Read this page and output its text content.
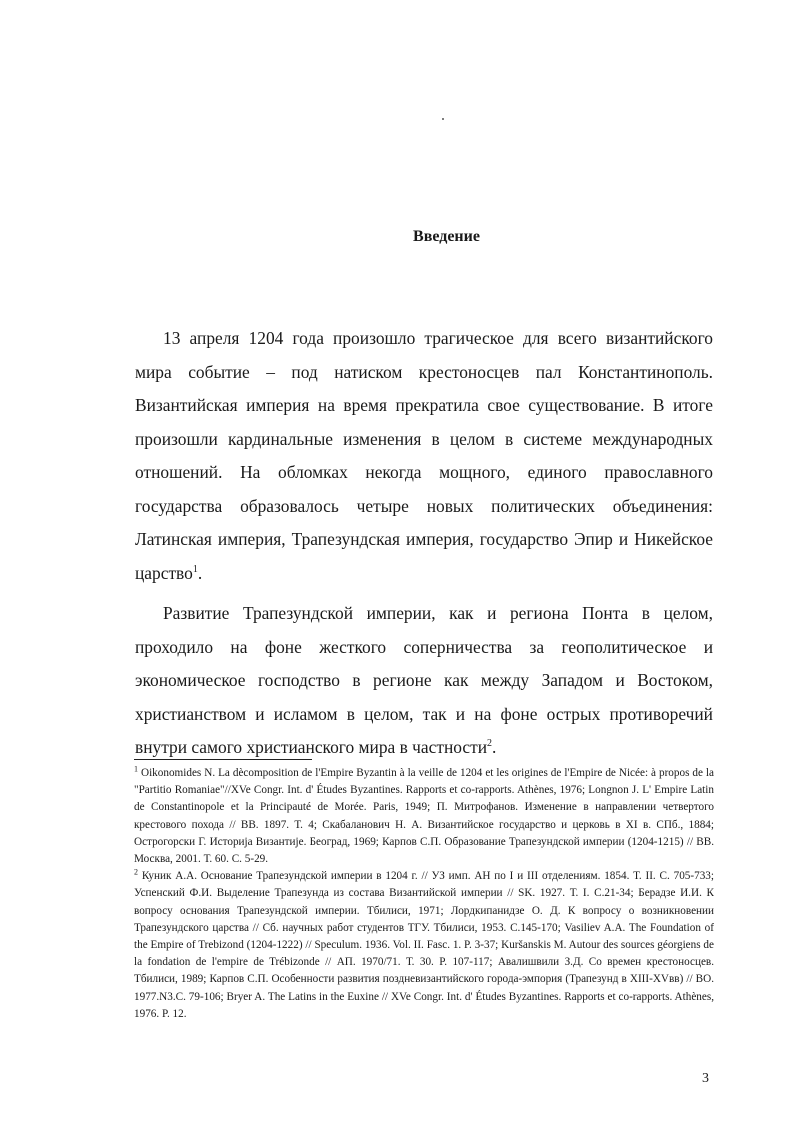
Введение

13 апреля 1204 года произошло трагическое для всего византийского мира событие – под натиском крестоносцев пал Константинополь. Византийская империя на время прекратила свое существование. В итоге произошли кардинальные изменения в целом в системе международных отношений. На обломках некогда мощного, единого православного государства образовалось четыре новых политических объединения: Латинская империя, Трапезундская империя, государство Эпир и Никейское царство$^1$.

Развитие Трапезундской империи, как и региона Понта в целом, проходило на фоне жесткого соперничества за геополитическое и экономическое господство в регионе как между Западом и Востоком, христианством и исламом в целом, так и на фоне острых противоречий внутри самого христианского мира в частности$^2$.

$^1$ Oikonomides N. La dècomposition de l'Empire Byzantin à la veille de 1204 et les origines de l'Empire de Nicée: à propos de la "Partitio Romaniae"//XVe Congr. Int. d' Études Byzantines. Rapports et co-rapports. Athènes, 1976; Longnon J. L' Empire Latin de Constantinopole et la Principauté de Morée. Paris, 1949; П. Митрофанов. Изменение в направлении четвертого крестового похода // ВВ. 1897. Т. 4; Скабаланович Н. А. Византийское государство и церковь в XI в. СПб., 1884; Острогорски Г. Историја Византије. Београд, 1969; Карпов С.П. Образование Трапезундской империи (1204-1215) // ВВ. Москва, 2001. Т. 60. С. 5-29.

$^2$ Куник А.А. Основание Трапезундской империи в 1204 г. // УЗ имп. АН по I и III отделениям. 1854. Т. II. С. 705-733; Успенский Ф.И. Выделение Трапезунда из состава Византийской империи // SK. 1927. Т. I. С.21-34; Берадзе И.И. К вопросу основания Трапезундской империи. Тбилиси, 1971; Лордкипанидзе О. Д. К вопросу о возникновении Трапезундского царства // Сб. научных работ студентов ТГУ. Тбилиси, 1953. С.145-170; Vasiliev A.A. The Foundation of the Empire of Trebizond (1204-1222) // Speculum. 1936. Vol. II. Fasc. 1. P. 3-37; Kuršanskis M. Autour des sources géorgiens de la fondation de l'empire de Trébizonde // АП. 1970/71. Т. 30. P. 107-117; Авалишвили З.Д. Со времен крестоносцев. Тбилиси, 1989; Карпов С.П. Особенности развития поздневизантийского города-эмпория (Трапезунд в XIII-XVвв) // ВО. 1977.N3.С. 79-106; Bryer A. The Latins in the Euxine // XVe Congr. Int. d' Études Byzantines. Rapports et co-rapports. Athènes, 1976. P. 12.

3
